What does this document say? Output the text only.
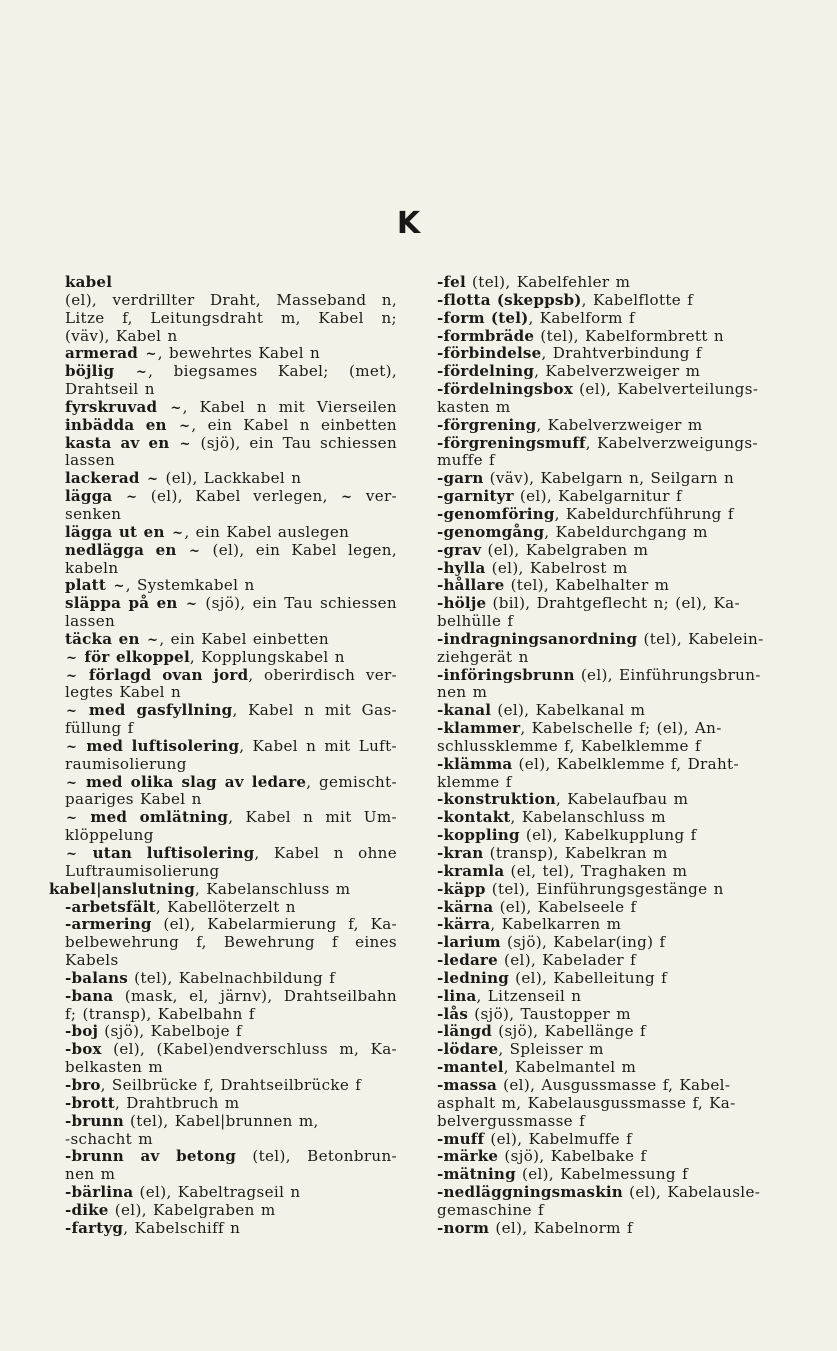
K
kabel
(el), verdrillter Draht, Masseband n,
Litze f, Leitungsdraht m, Kabel n;
(väv), Kabel n
armerad ~, bewehrtes Kabel n
böjlig ~, biegsames Kabel; (met),
Drahtseil n
fyrskruvad ~, Kabel n mit Vierseilen
inbädda en ~, ein Kabel n einbetten
kasta av en ~ (sjö), ein Tau schiessen
lassen
lackerad ~ (el), Lackkabel n
lägga ~ (el), Kabel verlegen, ~ ver-
senken
lägga ut en ~, ein Kabel auslegen
nedlägga en ~ (el), ein Kabel legen,
kabeln
platt ~, Systemkabel n
släppa på en ~ (sjö), ein Tau schiessen
lassen
täcka en ~, ein Kabel einbetten
~ för elkoppel, Kopplungskabel n
~ förlagd ovan jord, oberirdisch ver-
legtes Kabel n
~ med gasfyllning, Kabel n mit Gas-
füllung f
~ med luftisolering, Kabel n mit Luft-
raumisolierung
~ med olika slag av ledare, gemischt-
paariges Kabel n
~ med omlätning, Kabel n mit Um-
klöppelung
~ utan luftisolering, Kabel n ohne
Luftraumisolierung
kabel|anslutning, Kabelanschluss m
-arbetsfält, Kabellöterzelt n
-armering (el), Kabelarmierung f, Ka-
belbewehrung f, Bewehrung f eines
Kabels
-balans (tel), Kabelnachbildung f
-bana (mask, el, järnv), Drahtseilbahn
f; (transp), Kabelbahn f
-boj (sjö), Kabelboje f
-box (el), (Kabel)endverschluss m, Ka-
belkasten m
-bro, Seilbrücke f, Drahtseilbrücke f
-brott, Drahtbruch m
-brunn (tel), Kabel|brunnen m,
-schacht m
-brunn av betong (tel), Betonbrun-
nen m
-bärlina (el), Kabeltragseil n
-dike (el), Kabelgraben m
-fartyg, Kabelschiff n
-fel (tel), Kabelfehler m
-flotta (skeppsb), Kabelflotte f
-form (tel), Kabelform f
-formbräde (tel), Kabelformbrett n
-förbindelse, Drahtverbindung f
-fördelning, Kabelverzweiger m
-fördelningsbox (el), Kabelverteilungs-
kasten m
-förgrening, Kabelverzweiger m
-förgreningsmuff, Kabelverzweigungs-
muffe f
-garn (väv), Kabelgarn n, Seilgarn n
-garnityr (el), Kabelgarnitur f
-genomföring, Kabeldurchführung f
-genomgång, Kabeldurchgang m
-grav (el), Kabelgraben m
-hylla (el), Kabelrost m
-hållare (tel), Kabelhalter m
-hölje (bil), Drahtgeflecht n; (el), Ka-
belhülle f
-indragningsanordning (tel), Kabelein-
ziehgerät n
-införingsbrunn (el), Einführungsbrun-
nen m
-kanal (el), Kabelkanal m
-klammer, Kabelschelle f; (el), An-
schlussklemme f, Kabelklemme f
-klämma (el), Kabelklemme f, Draht-
klemme f
-konstruktion, Kabelaufbau m
-kontakt, Kabelanschluss m
-koppling (el), Kabelkupplung f
-kran (transp), Kabelkran m
-kramla (el, tel), Traghaken m
-käpp (tel), Einführungsgestänge n
-kärna (el), Kabelseele f
-kärra, Kabelkarren m
-larium (sjö), Kabelar(ing) f
-ledare (el), Kabelader f
-ledning (el), Kabelleitung f
-lina, Litzenseil n
-lås (sjö), Taustopper m
-längd (sjö), Kabellänge f
-lödare, Spleisser m
-mantel, Kabelmantel m
-massa (el), Ausgussmasse f, Kabel-
asphalt m, Kabelausgussmasse f, Ka-
belvergussmasse f
-muff (el), Kabelmuffe f
-märke (sjö), Kabelbake f
-mätning (el), Kabelmessung f
-nedläggningsmaskin (el), Kabelausle-
gemaschine f
-norm (el), Kabelnorm f
